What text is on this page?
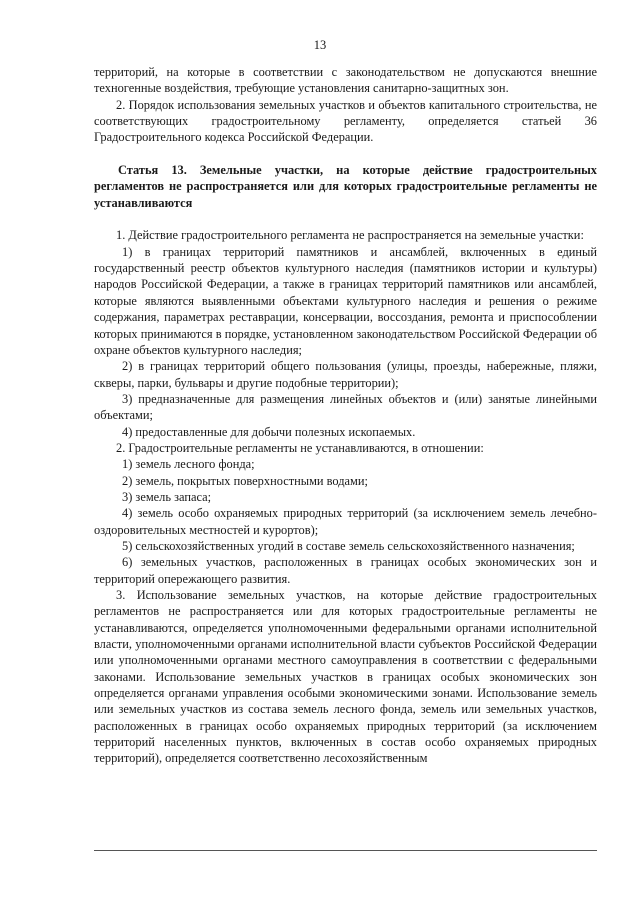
13

территорий, на которые в соответствии с законодательством не допускаются внешние техногенные воздействия, требующие установления санитарно-защитных зон.

2. Порядок использования земельных участков и объектов капитального строительства, не соответствующих градостроительному регламенту, определяется статьей 36 Градостроительного кодекса Российской Федерации.

Статья 13. Земельные участки, на которые действие градостроительных регламентов не распространяется или для которых градостроительные регламенты не устанавливаются

1. Действие градостроительного регламента не распространяется на земельные участки:

1) в границах территорий памятников и ансамблей, включенных в единый государственный реестр объектов культурного наследия (памятников истории и культуры) народов Российской Федерации, а также в границах территорий памятников или ансамблей, которые являются выявленными объектами культурного наследия и решения о режиме содержания, параметрах реставрации, консервации, воссоздания, ремонта и приспособлении которых принимаются в порядке, установленном законодательством Российской Федерации об охране объектов культурного наследия;

2) в границах территорий общего пользования (улицы, проезды, набережные, пляжи, скверы, парки, бульвары и другие подобные территории);

3) предназначенные для размещения линейных объектов и (или) занятые линейными объектами;

4) предоставленные для добычи полезных ископаемых.

2. Градостроительные регламенты не устанавливаются, в отношении:

1) земель лесного фонда;

2) земель, покрытых поверхностными водами;

3) земель запаса;

4) земель особо охраняемых природных территорий (за исключением земель лечебно-оздоровительных местностей и курортов);

5) сельскохозяйственных угодий в составе земель сельскохозяйственного назначения;

6) земельных участков, расположенных в границах особых экономических зон и территорий опережающего развития.

3. Использование земельных участков, на которые действие градостроительных регламентов не распространяется или для которых градостроительные регламенты не устанавливаются, определяется уполномоченными федеральными органами исполнительной власти, уполномоченными органами исполнительной власти субъектов Российской Федерации или уполномоченными органами местного самоуправления в соответствии с федеральными законами. Использование земельных участков в границах особых экономических зон определяется органами управления особыми экономическими зонами. Использование земель или земельных участков из состава земель лесного фонда, земель или земельных участков, расположенных в границах особо охраняемых природных территорий (за исключением территорий населенных пунктов, включенных в состав особо охраняемых природных территорий), определяется соответственно лесохозяйственным
